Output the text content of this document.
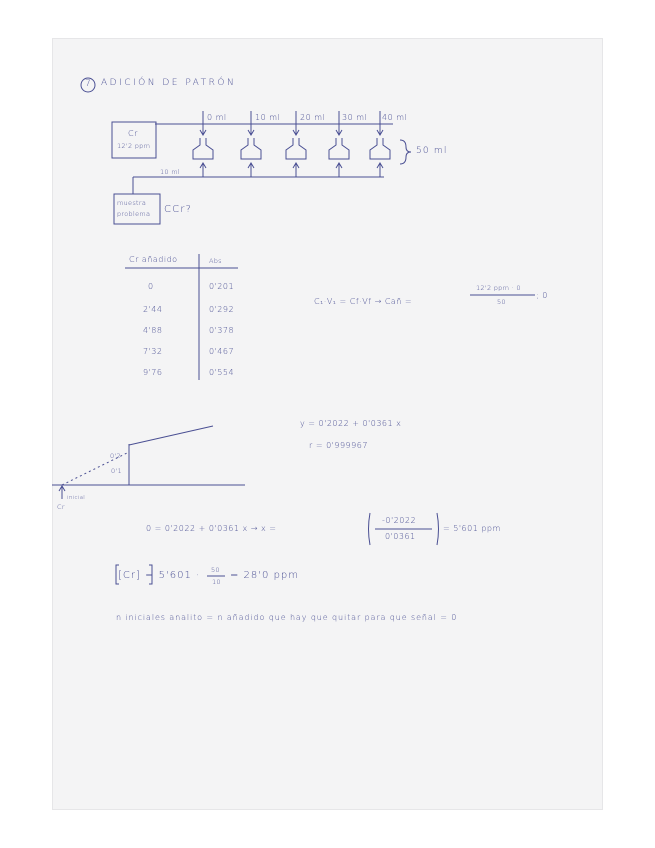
7 ADICIÓN DE PATRÓN
Cr
12'2 ppm
0 ml	10 ml 20 ml 30 ml 40 ml
50 ml
10 ml
muestra
problema CCr?
Cr añadido	Abs
0	0'201
2'44	0'292
4'88	0'378
7'32	0'467
9'76	0'554
C₁·V₁ = Cf·Vf → Cañ =
12'2 ppm · 0
50
; 0
0'2
0'1
Cr
inicial
y = 0'2022 + 0'0361 x
r = 0'999967
0 = 0'2022 + 0'0361 x → x =
-0'2022
0'0361
= 5'601 ppm
[Cr] = 5'601 · 50
10
= 28'0 ppm
n iniciales analito = n añadido que hay que quitar para que señal = 0
